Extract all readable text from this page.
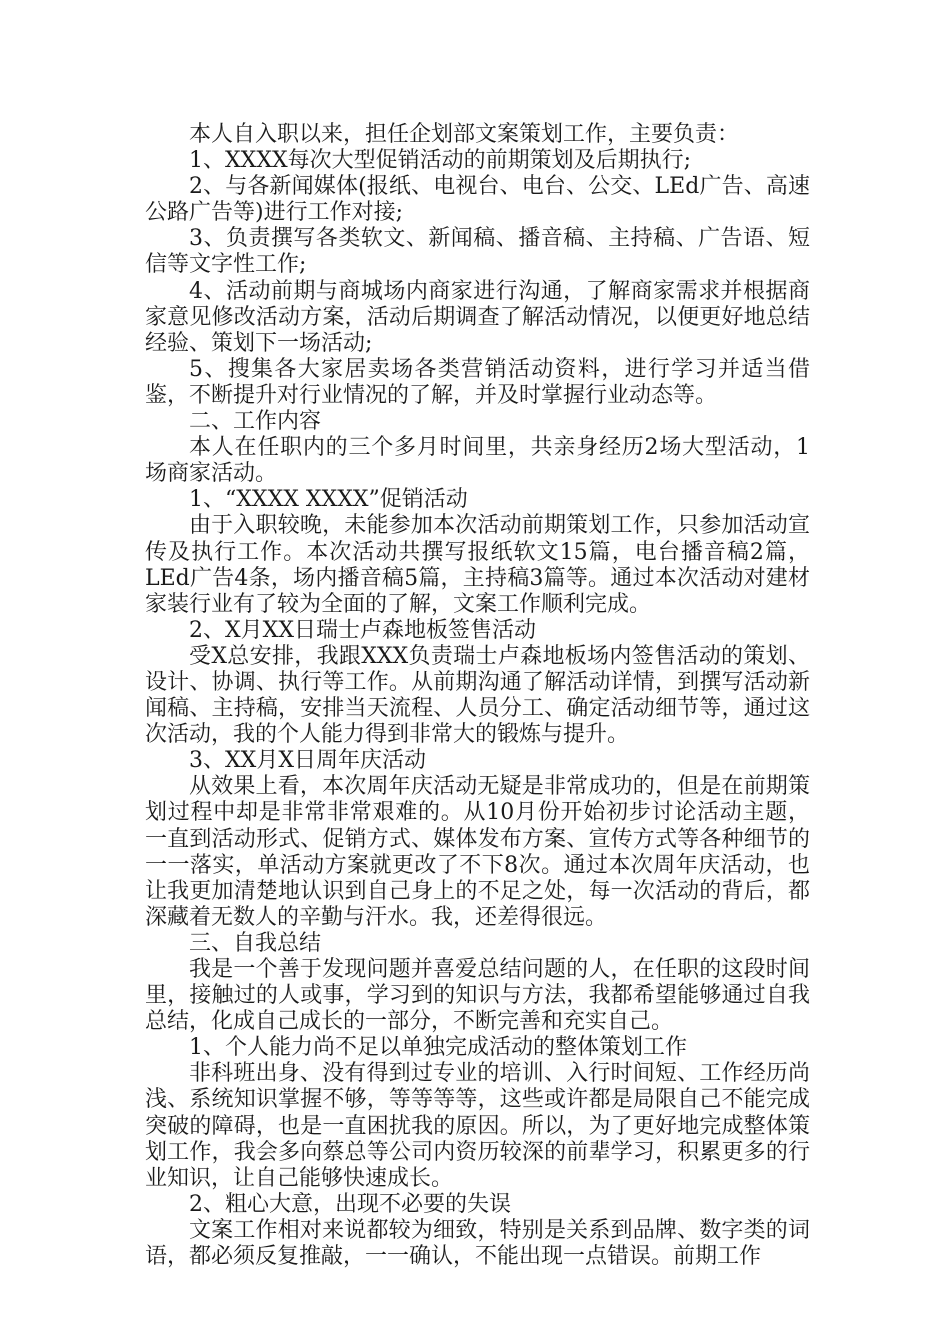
本人自入职以来，担任企划部文案策划工作，主要负责：

1、XXXX每次大型促销活动的前期策划及后期执行;

2、与各新闻媒体(报纸、电视台、电台、公交、LEd广告、高速公路广告等)进行工作对接;

3、负责撰写各类软文、新闻稿、播音稿、主持稿、广告语、短信等文字性工作;

4、活动前期与商城场内商家进行沟通，了解商家需求并根据商家意见修改活动方案，活动后期调查了解活动情况，以便更好地总结经验、策划下一场活动;

5、搜集各大家居卖场各类营销活动资料，进行学习并适当借鉴，不断提升对行业情况的了解，并及时掌握行业动态等。

二、工作内容

本人在任职内的三个多月时间里，共亲身经历2场大型活动，1场商家活动。

1、“XXXX XXXX”促销活动

由于入职较晚，未能参加本次活动前期策划工作，只参加活动宣传及执行工作。本次活动共撰写报纸软文15篇，电台播音稿2篇，LEd广告4条，场内播音稿5篇，主持稿3篇等。通过本次活动对建材家装行业有了较为全面的了解，文案工作顺利完成。

2、X月XX日瑞士卢森地板签售活动

受X总安排，我跟XXX负责瑞士卢森地板场内签售活动的策划、设计、协调、执行等工作。从前期沟通了解活动详情，到撰写活动新闻稿、主持稿，安排当天流程、人员分工、确定活动细节等，通过这次活动，我的个人能力得到非常大的锻炼与提升。

3、XX月X日周年庆活动

从效果上看，本次周年庆活动无疑是非常成功的，但是在前期策划过程中却是非常非常艰难的。从10月份开始初步讨论活动主题，一直到活动形式、促销方式、媒体发布方案、宣传方式等各种细节的一一落实，单活动方案就更改了不下8次。通过本次周年庆活动，也让我更加清楚地认识到自己身上的不足之处，每一次活动的背后，都深藏着无数人的辛勤与汗水。我，还差得很远。

三、自我总结

我是一个善于发现问题并喜爱总结问题的人，在任职的这段时间里，接触过的人或事，学习到的知识与方法，我都希望能够通过自我总结，化成自己成长的一部分，不断完善和充实自己。

1、个人能力尚不足以单独完成活动的整体策划工作

非科班出身、没有得到过专业的培训、入行时间短、工作经历尚浅、系统知识掌握不够，等等等等，这些或许都是局限自己不能完成突破的障碍，也是一直困扰我的原因。所以，为了更好地完成整体策划工作，我会多向蔡总等公司内资历较深的前辈学习，积累更多的行业知识，让自己能够快速成长。

2、粗心大意，出现不必要的失误

文案工作相对来说都较为细致，特别是关系到品牌、数字类的词语，都必须反复推敲，一一确认，不能出现一点错误。前期工作
